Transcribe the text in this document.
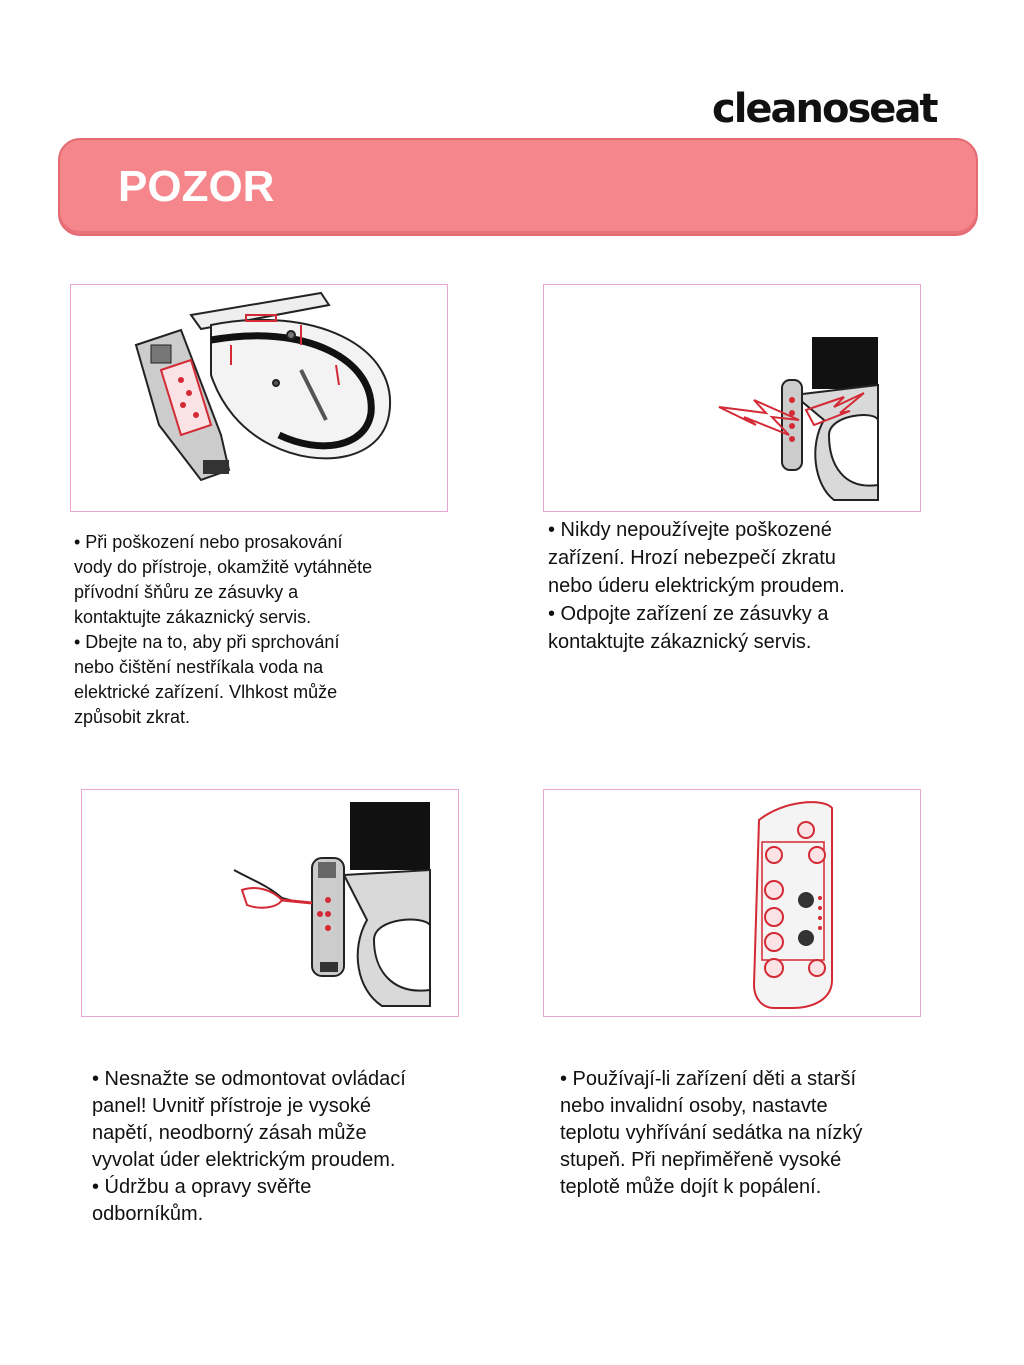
cleanoseat
POZOR
• Při poškození nebo prosakování
vody do přístroje, okamžitě vytáhněte
přívodní šňůru ze zásuvky a
kontaktujte zákaznický servis.
• Dbejte na to, aby při sprchování
nebo čištění nestříkala voda na
elektrické zařízení. Vlhkost může
způsobit zkrat.
• Nikdy nepoužívejte poškozené
zařízení. Hrozí nebezpečí zkratu
nebo úderu elektrickým proudem.
• Odpojte zařízení ze zásuvky a
kontaktujte zákaznický servis.
• Nesnažte se odmontovat ovládací
panel! Uvnitř přístroje je vysoké
napětí, neodborný zásah může
vyvolat úder elektrickým proudem.
• Údržbu a opravy svěřte
odborníkům.
• Používají-li zařízení děti a starší
nebo invalidní osoby, nastavte
teplotu vyhřívání sedátka na nízký
stupeň. Při nepřiměřeně vysoké
teplotě může dojít k popálení.
